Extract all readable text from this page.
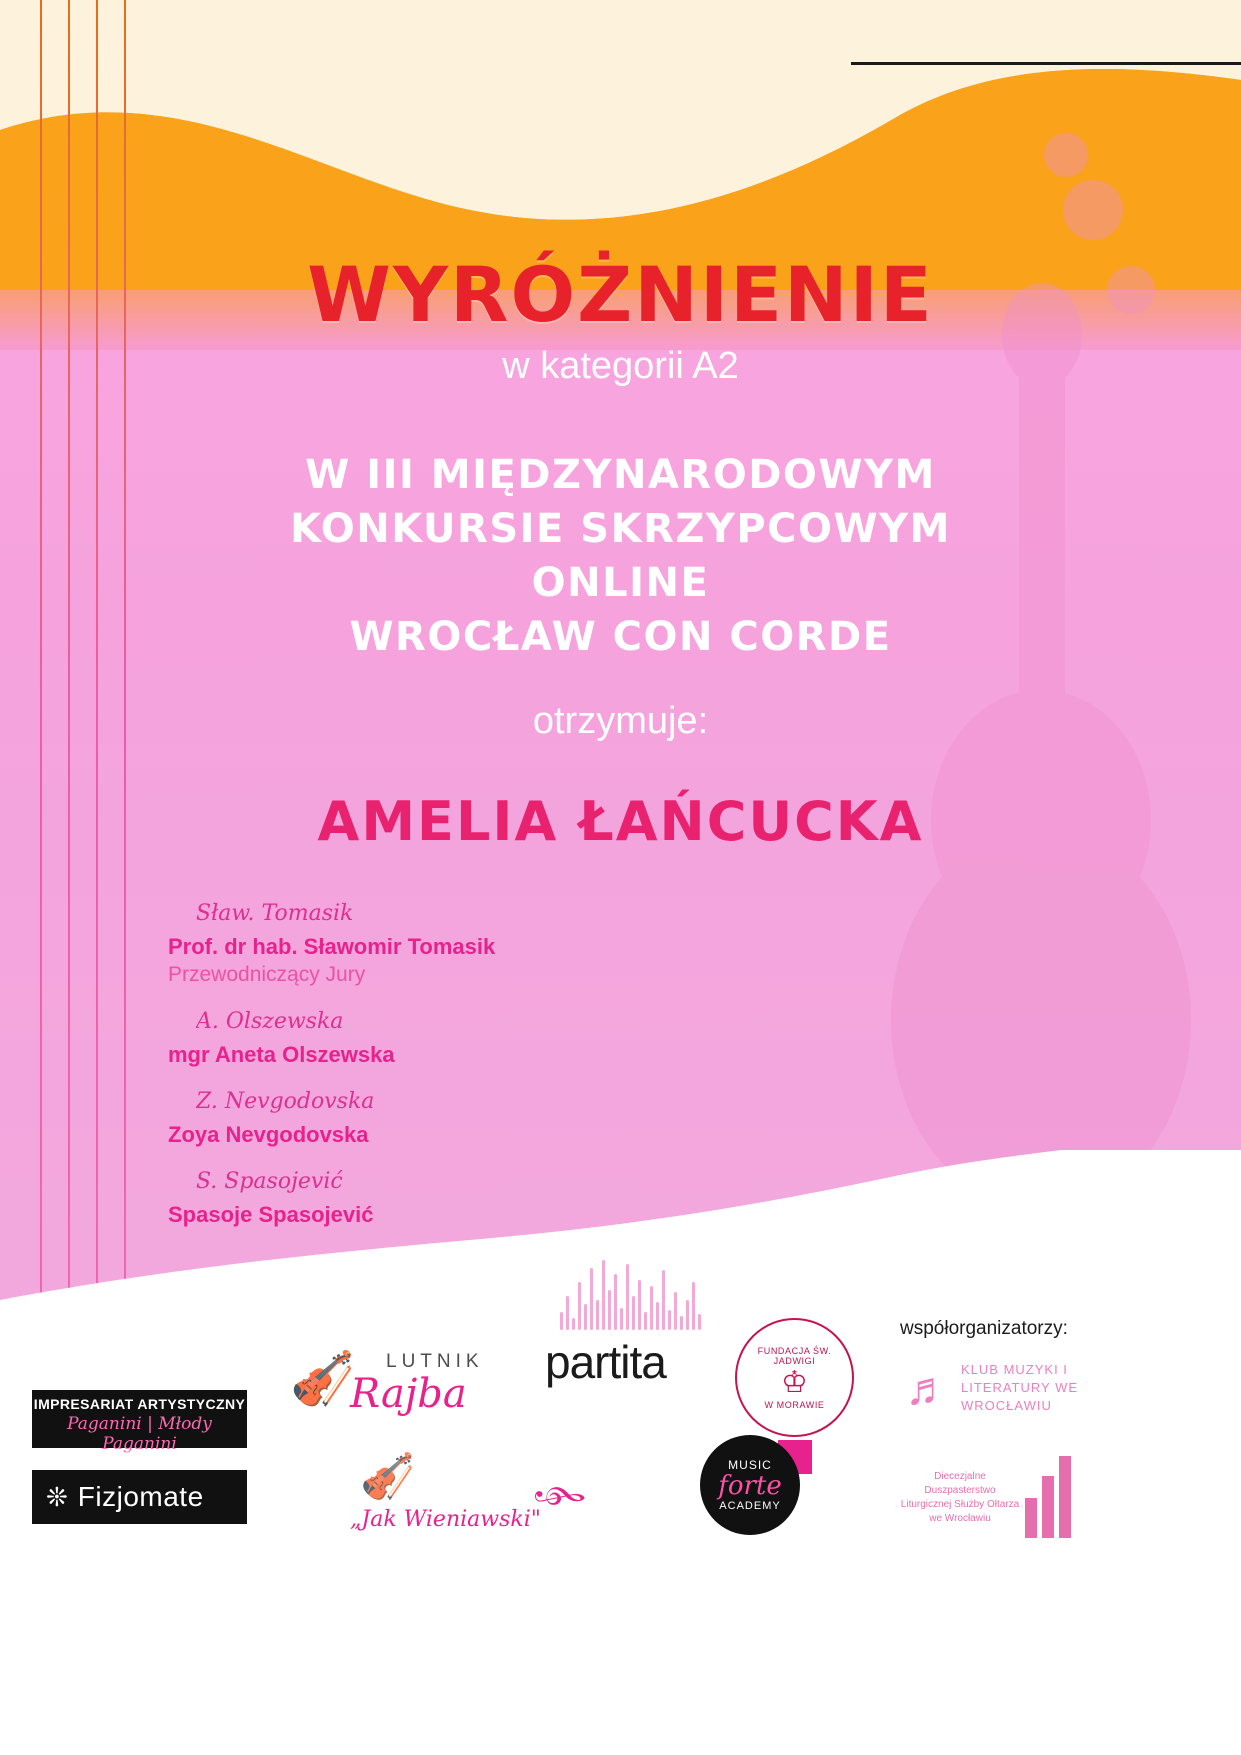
WYRÓŻNIENIE
w kategorii A2
W III MIĘDZYNARODOWYM
KONKURSIE SKRZYPCOWYM
ONLINE
WROCŁAW CON CORDE
otrzymuje:
AMELIA ŁAŃCUCKA
Sław. Tomasik
Prof. dr hab. Sławomir Tomasik
Przewodniczący Jury
A. Olszewska
mgr Aneta Olszewska
Z. Nevgodovska
Zoya Nevgodovska
S. Spasojević
Spasoje Spasojević
IMPRESARIAT ARTYSTYCZNY
Paganini | Młody Paganini
❊ Fizjomate
🎻 LUTNIK
Rajba
partita	FUNDACJA ŚW. JADWIGI
♔
W MORAWIE
współorganizatorzy:
♬ KLUB MUZYKI I LITERATURY WE WROCŁAWIU
🎻
„Jak Wieniawski"
𝄞
MUSIC
forte
ACADEMY
Diecezjalne Duszpasterstwo Liturgicznej Służby Ołtarza we Wrocławiu
